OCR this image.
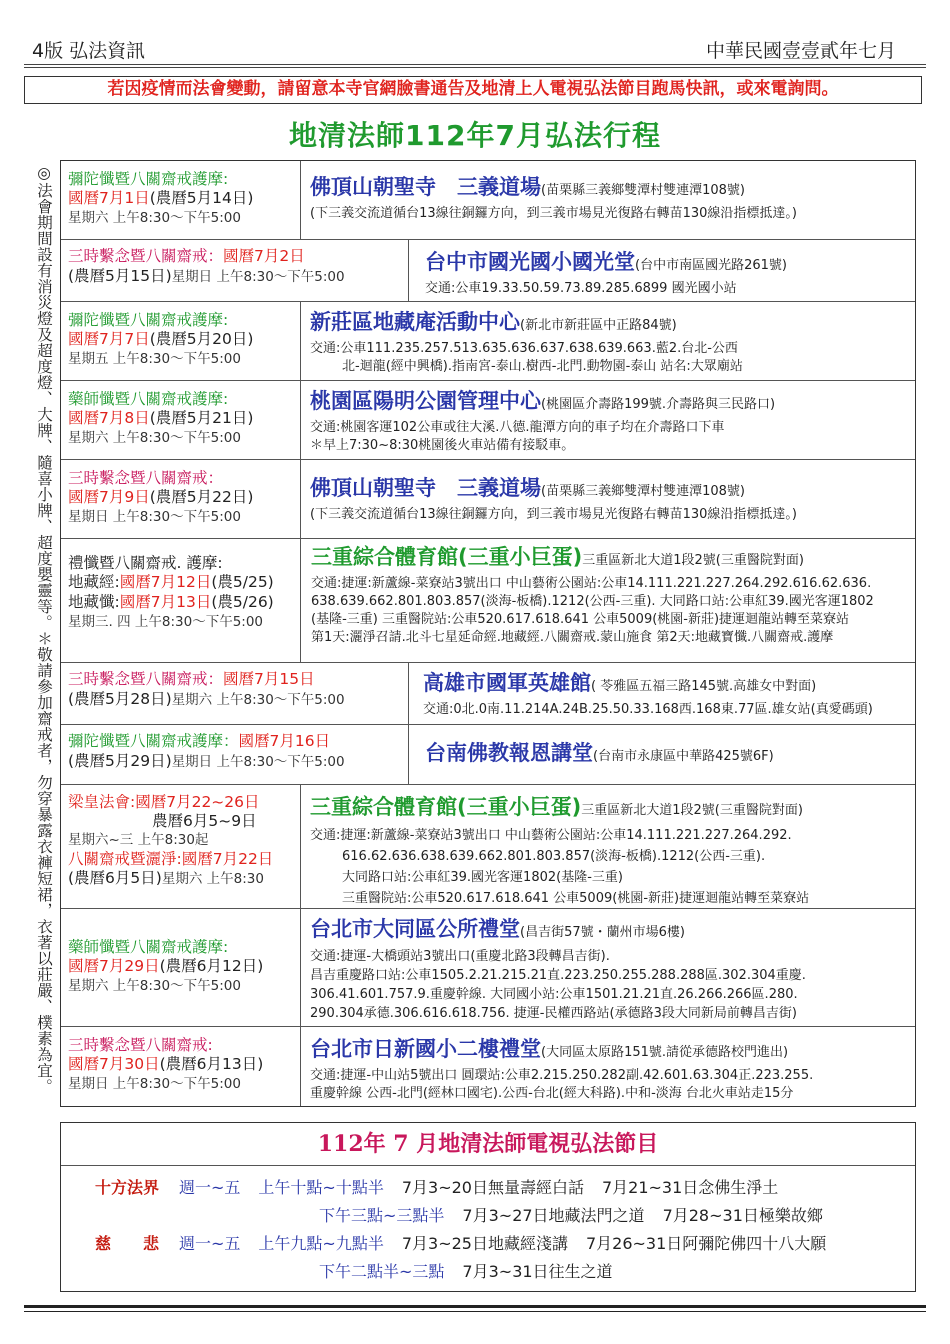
4版 弘法資訊	中華民國壹壹貳年七月
若因疫情而法會變動，請留意本寺官網臉書通告及地清上人電視弘法節目跑馬快訊，或來電詢問。
地清法師112年7月弘法行程
◎法會期間設有消災燈及超度燈、大牌、隨喜小牌、超度嬰靈等。＊敬請參加齋戒者，勿穿暴露衣褲短裙，衣著以莊嚴、樸素為宜。 彌陀懺暨八關齋戒護摩:
國曆7月1日(農曆5月14日)
星期六 上午8:30～下午5:00
佛頂山朝聖寺　三義道場(苗栗縣三義鄉雙潭村雙連潭108號)
(下三義交流道循台13線往銅鑼方向，到三義市場見光復路右轉苗130線沿指標抵達。)
三時繫念暨八關齋戒：國曆7月2日
(農曆5月15日)星期日 上午8:30～下午5:00
台中市國光國小國光堂(台中市南區國光路261號)
交通:公車19.33.50.59.73.89.285.6899 國光國小站
彌陀懺暨八關齋戒護摩:
國曆7月7日(農曆5月20日)
星期五 上午8:30～下午5:00
新莊區地藏庵活動中心(新北市新莊區中正路84號)
交通:公車111.235.257.513.635.636.637.638.639.663.藍2.台北-公西
北-迴龍(經中興橋).指南宮-泰山.樹西-北門.動物園-泰山 站名:大眾廟站
藥師懺暨八關齋戒護摩:
國曆7月8日(農曆5月21日)
星期六 上午8:30～下午5:00
桃園區陽明公園管理中心(桃園區介壽路199號.介壽路與三民路口)
交通:桃園客運102公車或往大溪.八德.龍潭方向的車子均在介壽路口下車
＊早上7:30~8:30桃園後火車站備有接駁車。
三時繫念暨八關齋戒：
國曆7月9日(農曆5月22日)
星期日 上午8:30～下午5:00
佛頂山朝聖寺　三義道場(苗栗縣三義鄉雙潭村雙連潭108號)
(下三義交流道循台13線往銅鑼方向，到三義市場見光復路右轉苗130線沿指標抵達。)
禮懺暨八關齋戒. 護摩:
地藏經:國曆7月12日(農5/25)
地藏懺:國曆7月13日(農5/26)
星期三. 四 上午8:30～下午5:00
三重綜合體育館(三重小巨蛋)三重區新北大道1段2號(三重醫院對面)
交通:捷運:新蘆線-菜寮站3號出口 中山藝術公園站:公車14.111.221.227.264.292.616.62.636.
638.639.662.801.803.857(淡海-板橋).1212(公西-三重). 大同路口站:公車紅39.國光客運1802
(基隆-三重) 三重醫院站:公車520.617.618.641 公車5009(桃園-新莊)捷運迴龍站轉至菜寮站
第1天:灑淨召請.北斗七星延命經.地藏經.八關齋戒.蒙山施食 第2天:地藏寶懺.八關齋戒.護摩
三時繫念暨八關齋戒：國曆7月15日
(農曆5月28日)星期六 上午8:30～下午5:00
高雄市國軍英雄館( 苓雅區五福三路145號.高雄女中對面)
交通:0北.0南.11.214A.24B.25.50.33.168西.168東.77區.雄女站(真愛碼頭)
彌陀懺暨八關齋戒護摩：國曆7月16日
(農曆5月29日)星期日 上午8:30～下午5:00	台南佛教報恩講堂(台南市永康區中華路425號6F)
梁皇法會:國曆7月22~26日
農曆6月5~9日
星期六~三 上午8:30起
八關齋戒暨灑淨:國曆7月22日
(農曆6月5日)星期六 上午8:30
三重綜合體育館(三重小巨蛋)三重區新北大道1段2號(三重醫院對面)
交通:捷運:新蘆線-菜寮站3號出口 中山藝術公園站:公車14.111.221.227.264.292.
616.62.636.638.639.662.801.803.857(淡海-板橋).1212(公西-三重).
大同路口站:公車紅39.國光客運1802(基隆-三重)
三重醫院站:公車520.617.618.641 公車5009(桃園-新莊)捷運迴龍站轉至菜寮站
藥師懺暨八關齋戒護摩:
國曆7月29日(農曆6月12日)
星期六 上午8:30～下午5:00
台北市大同區公所禮堂(昌吉街57號・蘭州市場6樓)
交通:捷運-大橋頭站3號出口(重慶北路3段轉昌吉街).
昌吉重慶路口站:公車1505.2.21.215.21直.223.250.255.288.288區.302.304重慶.
306.41.601.757.9.重慶幹線. 大同國小站:公車1501.21.21直.26.266.266區.280.
290.304承德.306.616.618.756. 捷運-民權西路站(承德路3段大同新局前轉昌吉街)
三時繫念暨八關齋戒:
國曆7月30日(農曆6月13日)
星期日 上午8:30～下午5:00
台北市日新國小二樓禮堂(大同區太原路151號.請從承德路校門進出)
交通:捷運-中山站5號出口 圓環站:公車2.215.250.282副.42.601.63.304正.223.255.
重慶幹線 公西-北門(經林口國宅).公西-台北(經大科路).中和-淡海 台北火車站走15分
112年 7 月地清法師電視弘法節目
十方法界 週一~五 上午十點~十點半 7月3~20日無量壽經白話 7月21~31日念佛生淨土
下午三點~三點半 7月3~27日地藏法門之道 7月28~31日極樂故鄉
慈　　悲 週一~五 上午九點~九點半 7月3~25日地藏經淺講 7月26~31日阿彌陀佛四十八大願
下午二點半~三點 7月3~31日往生之道
